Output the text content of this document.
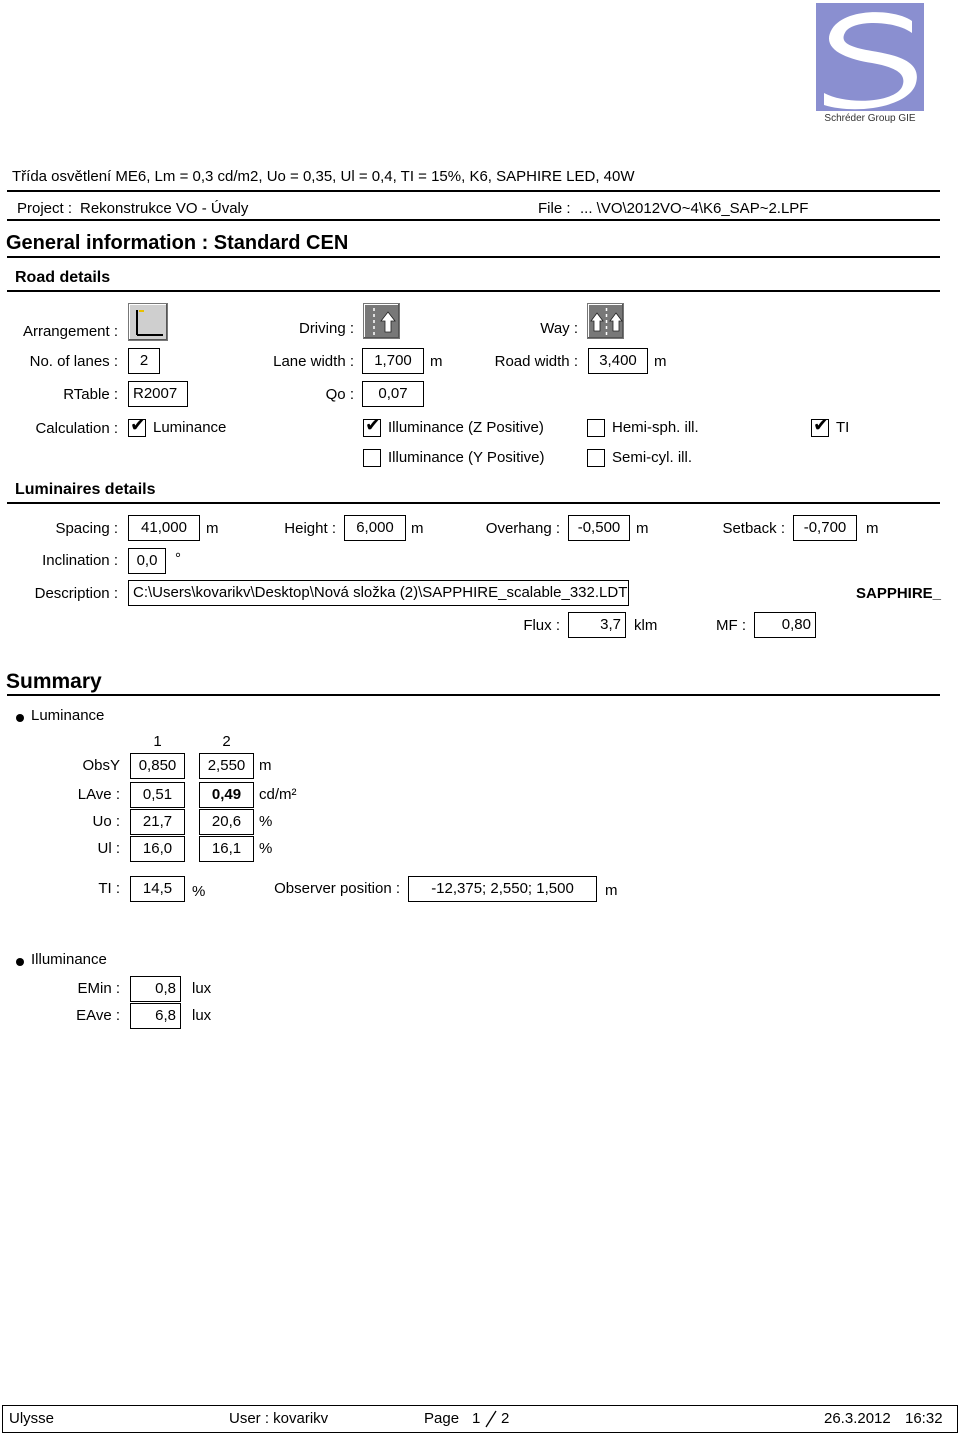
Schréder Group GIE
Třída osvětlení ME6, Lm = 0,3 cd/m2, Uo = 0,35, Ul = 0,4, TI = 15%, K6, SAPHIRE LED, 40W
Project : Rekonstrukce VO - Úvaly	File : ... \VO\2012VO~4\K6_SAP~2.LPF
General information : Standard CEN
Road details
Arrangement :	Driving :	Way :
No. of lanes :	2	Lane width :	1,700	m	Road width :	3,400	m
RTable :	R2007	Qo :	0,07
Calculation : ✔ Luminance	✔ Illuminance (Z Positive)	Hemi-sph. ill.	✔ TI
Illuminance (Y Positive)	Semi-cyl. ill.
Luminaires details
Spacing :	41,000	m	Height :	6,000	m	Overhang :	-0,500	m	Setback :	-0,700	m
Inclination :	0,0	°
Description :	C:\Users\kovarikv\Desktop\Nová složka (2)\SAPPHIRE_scalable_332.LDT	SAPPHIRE_
Flux :	3,7 klm	MF :	0,80
Summary
Luminance
1	2
ObsY	0,850	2,550 m
LAve :	0,51	0,49	cd/m²
Uo :	21,7	20,6	%
Ul :	16,0	16,1	%
TI :	14,5	%	Observer position :	-12,375; 2,550; 1,500	m
Illuminance
EMin :	0,8	lux
EAve :	6,8	lux
Ulysse	User : kovarikv	Page 1 2	26.3.2012 16:32
